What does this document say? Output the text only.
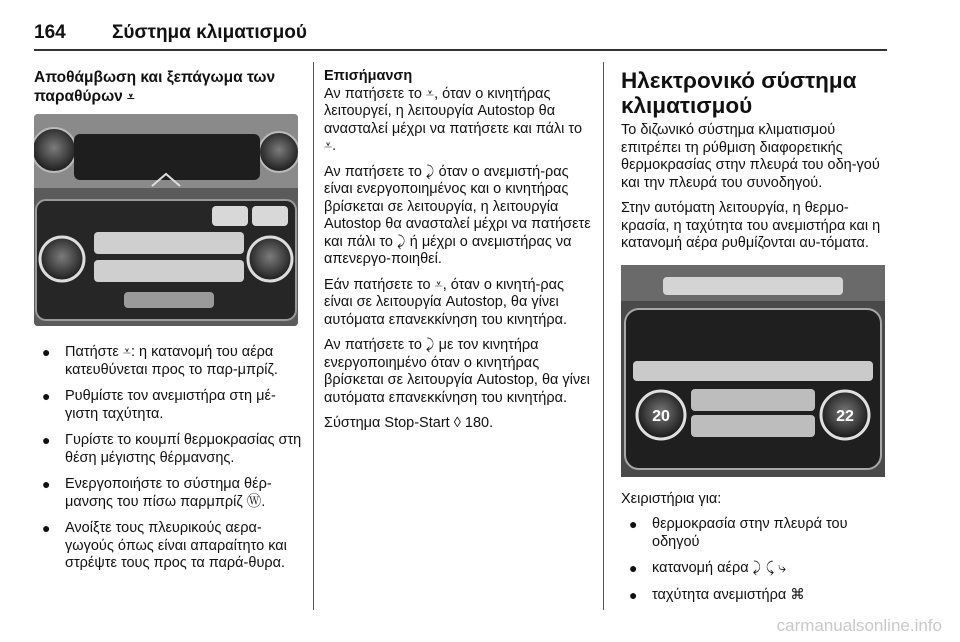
164 Σύστημα κλιματισμού
Αποθάμβωση και ξεπάγωμα των παραθύρων ⩡
● Πατήστε ⩡: η κατανομή του αέρα κατευθύνεται προς το παρ-μπρίζ.
● Ρυθμίστε τον ανεμιστήρα στη μέ-γιστη ταχύτητα.
● Γυρίστε το κουμπί θερμοκρασίας στη θέση μέγιστης θέρμανσης.
● Ενεργοποιήστε το σύστημα θέρ-μανσης του πίσω παρμπρίζ Ⓦ.
● Ανοίξτε τους πλευρικούς αερα-γωγούς όπως είναι απαραίτητο και στρέψτε τους προς τα παρά-θυρα.
Επισήμανση
Αν πατήσετε το ⩡, όταν ο κινητήρας λειτουργεί, η λειτουργία Autostop θα ανασταλεί μέχρι να πατήσετε και πάλι το ⩡.
Αν πατήσετε το ⤸ όταν ο ανεμιστή-ρας είναι ενεργοποιημένος και ο κινητήρας βρίσκεται σε λειτουργία, η λειτουργία Autostop θα ανασταλεί μέχρι να πατήσετε και πάλι το ⤸ ή μέχρι ο ανεμιστήρας να απενεργο-ποιηθεί.
Εάν πατήσετε το ⩡, όταν ο κινητή-ρας είναι σε λειτουργία Autostop, θα γίνει αυτόματα επανεκκίνηση του κινητήρα.
Αν πατήσετε το ⤸ με τον κινητήρα ενεργοποιημένο όταν ο κινητήρας βρίσκεται σε λειτουργία Autostop, θα γίνει αυτόματα επανεκκίνηση του κινητήρα.
Σύστημα Stop-Start ◊ 180.
Ηλεκτρονικό σύστημα κλιματισμού
Το διζωνικό σύστημα κλιματισμού επιτρέπει τη ρύθμιση διαφορετικής θερμοκρασίας στην πλευρά του οδη-γού και την πλευρά του συνοδηγού.
Στην αυτόματη λειτουργία, η θερμο-κρασία, η ταχύτητα του ανεμιστήρα και η κατανομή αέρα ρυθμίζονται αυ-τόματα.
20	22
Χειριστήρια για:
● θερμοκρασία στην πλευρά του οδηγού
● κατανομή αέρα ⤸ ⤹ ⤷
● ταχύτητα ανεμιστήρα ⌘
carmanualsonline.info
